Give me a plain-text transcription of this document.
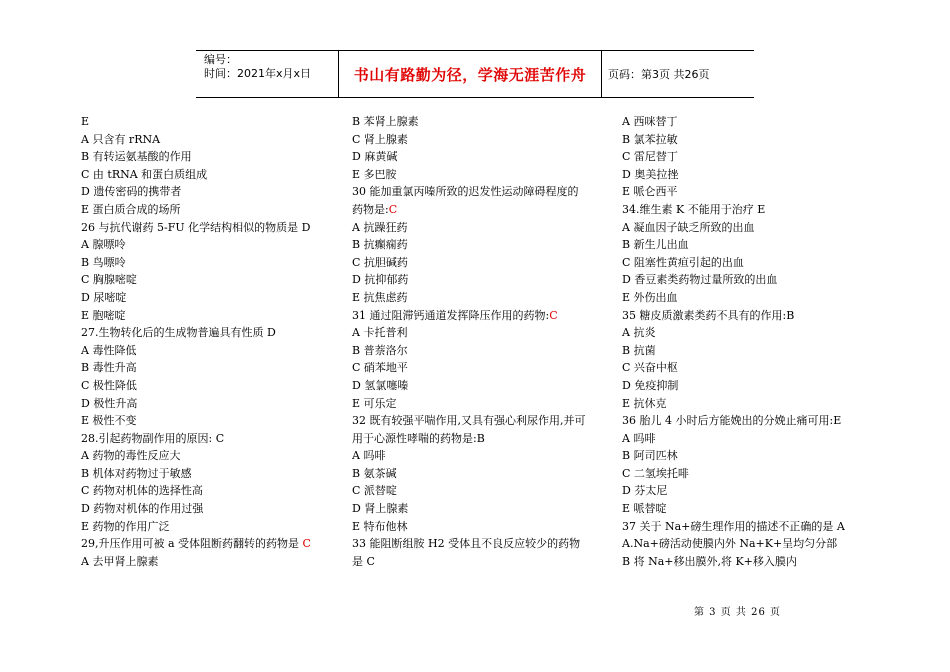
编号：
时间：2021年x月x日	书山有路勤为径，学海无涯苦作舟 页码：第3页 共26页
E
A 只含有 rRNA
B 有转运氨基酸的作用
C 由 tRNA 和蛋白质组成
D 遗传密码的携带者
E 蛋白质合成的场所
26 与抗代谢药 5-FU 化学结构相似的物质是 D
A 腺嘌呤
B 鸟嘌呤
C 胸腺嘧啶
D 尿嘧啶
E 胞嘧啶
27.生物转化后的生成物普遍具有性质 D
A 毒性降低
B 毒性升高
C 极性降低
D 极性升高
E 极性不变
28.引起药物副作用的原因: C
A 药物的毒性反应大
B 机体对药物过于敏感
C 药物对机体的选择性高
D 药物对机体的作用过强
E 药物的作用广泛
29,升压作用可被 a 受体阻断药翻转的药物是 C
A 去甲肾上腺素
B 苯肾上腺素
C 肾上腺素
D 麻黄碱
E 多巴胺
30 能加重氯丙嗪所致的迟发性运动障碍程度的
药物是:C
A 抗躁狂药
B 抗癫痫药
C 抗胆碱药
D 抗抑郁药
E 抗焦虑药
31 通过阻滞钙通道发挥降压作用的药物:C
A 卡托普利
B 普萘洛尔
C 硝苯地平
D 氢氯噻嗪
E 可乐定
32 既有较强平喘作用,又具有强心利尿作用,并可
用于心源性哮喘的药物是:B
A 吗啡
B 氨茶碱
C 派替啶
D 肾上腺素
E 特布他林
33 能阻断组胺 H2 受体且不良反应较少的药物
是 C
A 西咪替丁
B 氯苯拉敏
C 雷尼替丁
D 奥美拉挫
E 哌仑西平
34.维生素 K 不能用于治疗 E
A 凝血因子缺乏所致的出血
B 新生儿出血
C 阻塞性黄疸引起的出血
D 香豆素类药物过量所致的出血
E 外伤出血
35 糖皮质激素类药不具有的作用:B
A 抗炎
B 抗菌
C 兴奋中枢
D 免疫抑制
E 抗休克
36 胎儿 4 小时后方能娩出的分娩止痛可用:E
A 吗啡
B 阿司匹林
C 二氢埃托啡
D 芬太尼
E 哌替啶
37 关于 Na+磅生理作用的描述不正确的是 A
A.Na+磅活动使膜内外 Na+K+呈均匀分部
B 将 Na+移出膜外,将 K+移入膜内
第 3 页 共 26 页
